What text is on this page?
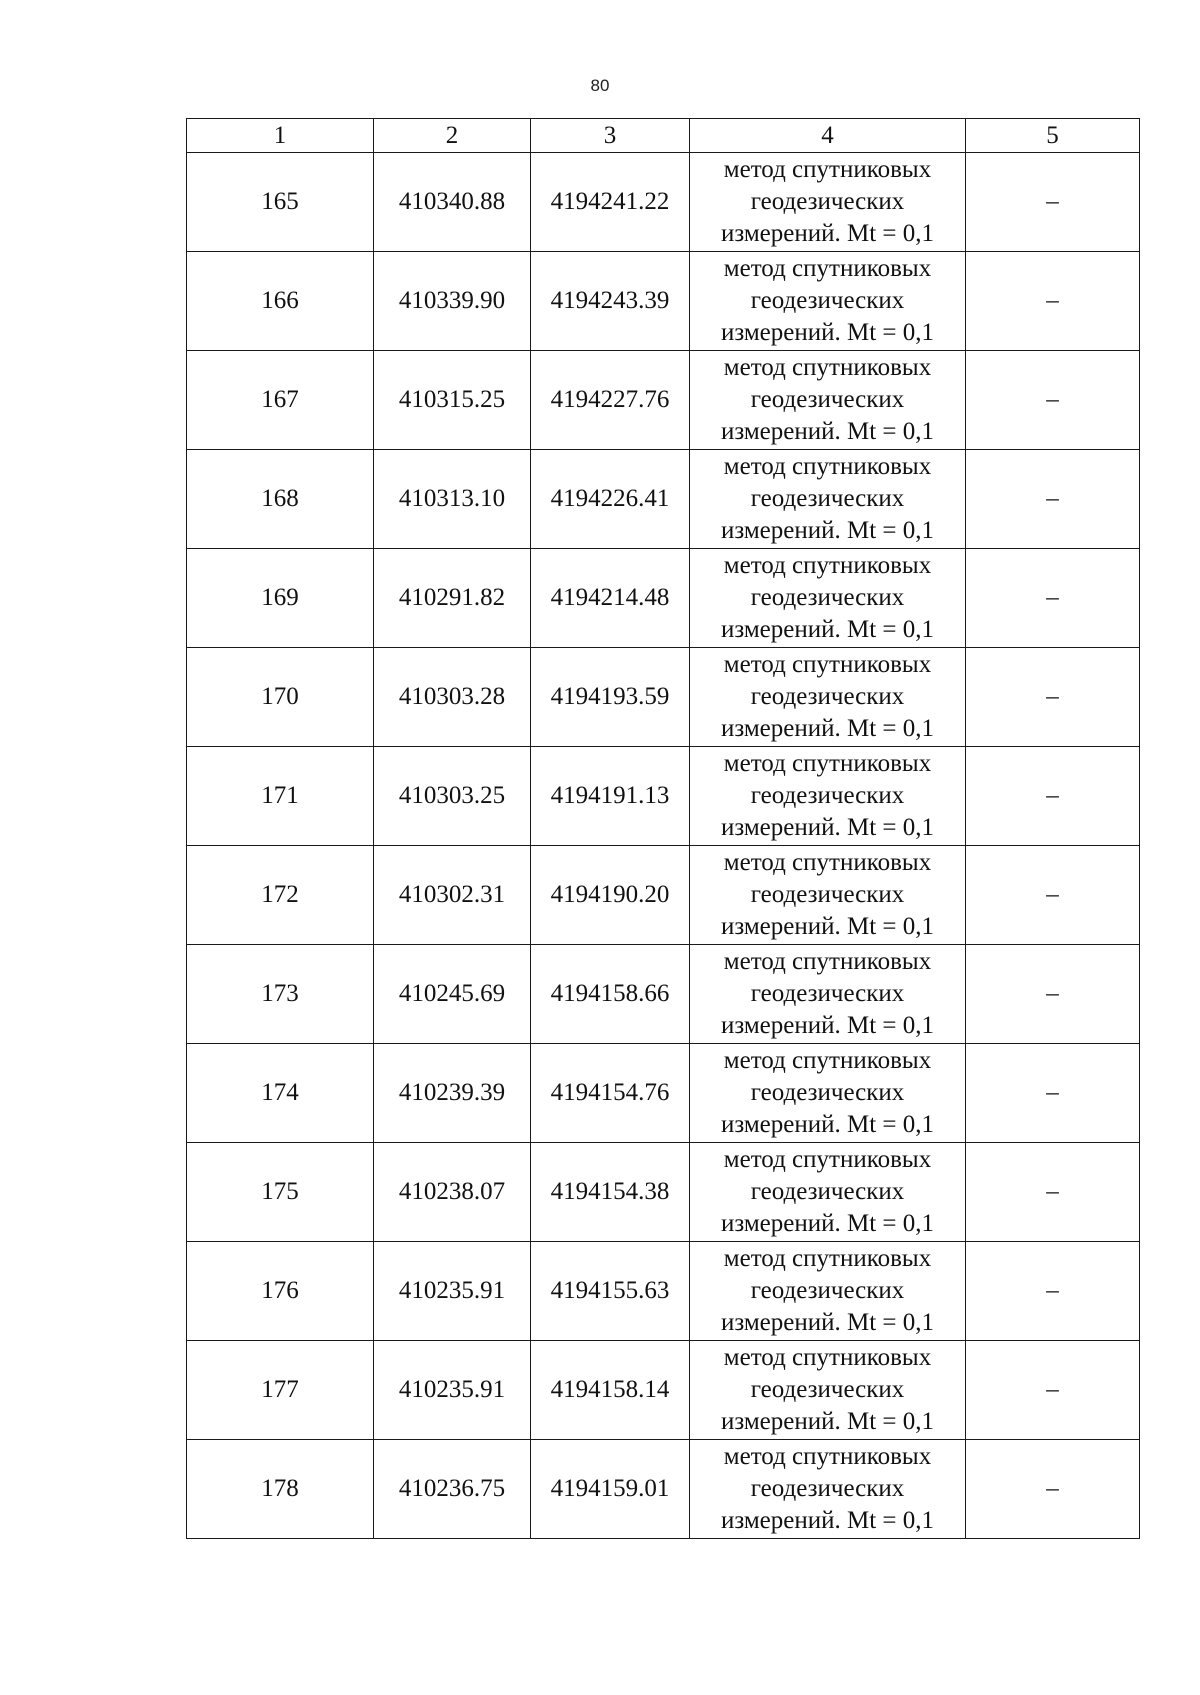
80
1	2	3	4	5
165	410340.88	4194241.22	метод спутниковых
геодезических
измерений. Mt = 0,1	–
166	410339.90	4194243.39	метод спутниковых
геодезических
измерений. Mt = 0,1	–
167	410315.25	4194227.76	метод спутниковых
геодезических
измерений. Mt = 0,1	–
168	410313.10	4194226.41	метод спутниковых
геодезических
измерений. Mt = 0,1	–
169	410291.82	4194214.48	метод спутниковых
геодезических
измерений. Mt = 0,1	–
170	410303.28	4194193.59	метод спутниковых
геодезических
измерений. Mt = 0,1	–
171	410303.25	4194191.13	метод спутниковых
геодезических
измерений. Mt = 0,1	–
172	410302.31	4194190.20	метод спутниковых
геодезических
измерений. Mt = 0,1	–
173	410245.69	4194158.66	метод спутниковых
геодезических
измерений. Mt = 0,1	–
174	410239.39	4194154.76	метод спутниковых
геодезических
измерений. Mt = 0,1	–
175	410238.07	4194154.38	метод спутниковых
геодезических
измерений. Mt = 0,1	–
176	410235.91	4194155.63	метод спутниковых
геодезических
измерений. Mt = 0,1	–
177	410235.91	4194158.14	метод спутниковых
геодезических
измерений. Mt = 0,1	–
178	410236.75	4194159.01	метод спутниковых
геодезических
измерений. Mt = 0,1	–
